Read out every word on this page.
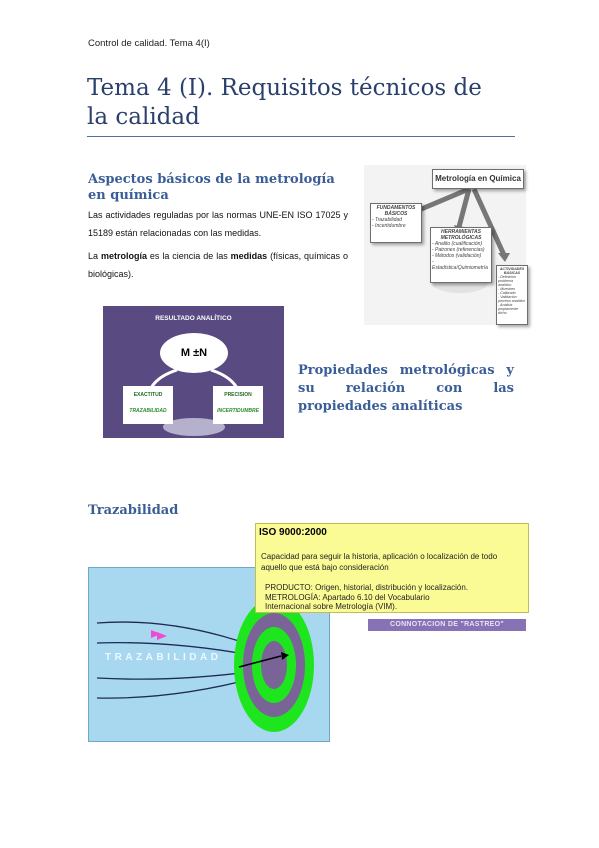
Control de calidad. Tema 4(I)
Tema 4 (I). Requisitos técnicos de la calidad
Aspectos básicos de la metrología en química
Las actividades reguladas por las normas UNE-EN ISO 17025 y 15189 están relacionadas con las medidas.
La metrología es la ciencia de las medidas (físicas, químicas o biológicas).
Metrología en Química
FUNDAMENTOS BÁSICOS
- Trazabilidad
- Incertidumbre
HERRAMIENTAS METROLÓGICAS
- Analito (cualificación)
- Patrones (referencias)
- Métodos (validación)
- Estadística/Quimiometría	ACTIVIDADES BÁSICAS
- Definición problema analítico
- Muestreo
- Calibrado
- Validación proceso analítico
- Análisis propiamente dicho
RESULTADO ANALÍTICO
M ±N
EXACTITUD
TRAZABILIDAD
PRECISION
INCERTIDUMBRE
Propiedades metrológicas y su relación con las propiedades analíticas
Trazabilidad
TRAZABILIDAD
ISO 9000:2000
Capacidad para seguir la historia, aplicación o localización de todo aquello que está bajo consideración
PRODUCTO: Origen, historial, distribución y localización.
METROLOGÍA: Apartado 6.10 del Vocabulario Internacional sobre Metrología (VIM).
CONNOTACION DE "RASTREO"
